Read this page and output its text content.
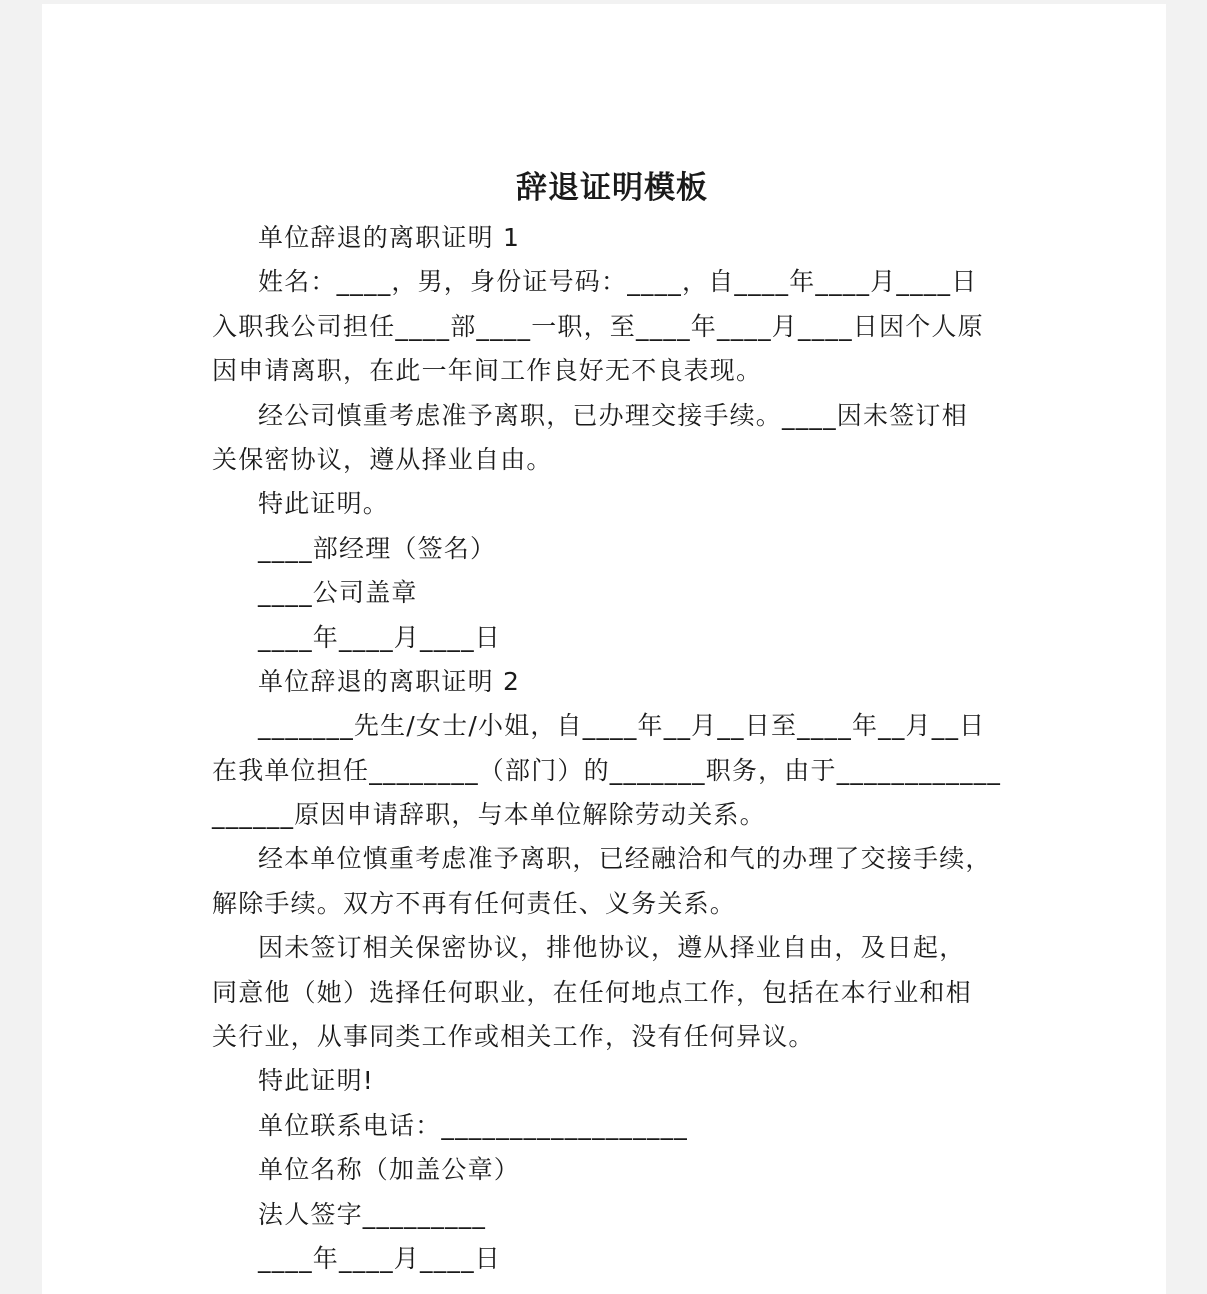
辞退证明模板
单位辞退的离职证明 1
姓名：____，男，身份证号码：____，自____年____月____日
入职我公司担任____部____一职，至____年____月____日因个人原
因申请离职，在此一年间工作良好无不良表现。
经公司慎重考虑准予离职，已办理交接手续。____因未签订相
关保密协议，遵从择业自由。
特此证明。
____部经理（签名）
____公司盖章
____年____月____日
单位辞退的离职证明 2
_______先生/女士/小姐，自____年__月__日至____年__月__日
在我单位担任________（部门）的_______职务，由于____________
______原因申请辞职，与本单位解除劳动关系。
经本单位慎重考虑准予离职，已经融洽和气的办理了交接手续，
解除手续。双方不再有任何责任、义务关系。
因未签订相关保密协议，排他协议，遵从择业自由，及日起，
同意他（她）选择任何职业，在任何地点工作，包括在本行业和相
关行业，从事同类工作或相关工作，没有任何异议。
特此证明!
单位联系电话：__________________
单位名称（加盖公章）
法人签字_________
____年____月____日
